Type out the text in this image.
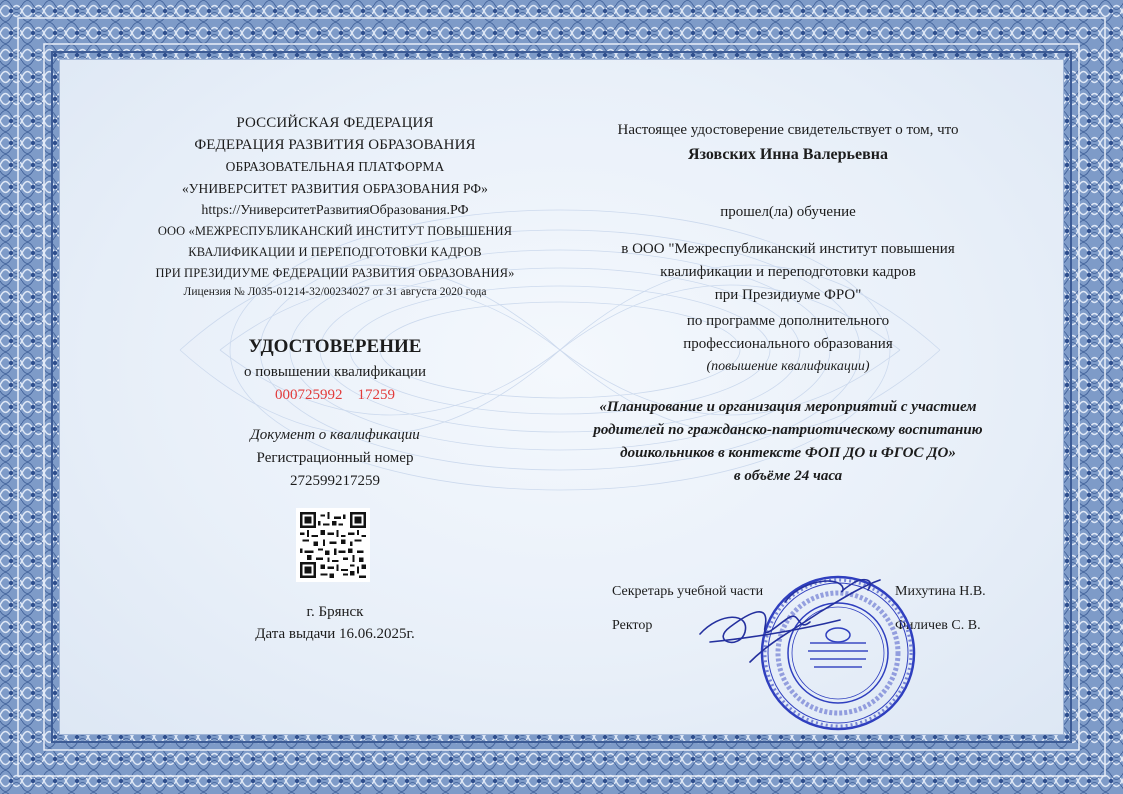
РОССИЙСКАЯ ФЕДЕРАЦИЯ
ФЕДЕРАЦИЯ РАЗВИТИЯ ОБРАЗОВАНИЯ
ОБРАЗОВАТЕЛЬНАЯ ПЛАТФОРМА
«УНИВЕРСИТЕТ РАЗВИТИЯ ОБРАЗОВАНИЯ РФ»
https://УниверситетРазвитияОбразования.РФ
ООО «МЕЖРЕСПУБЛИКАНСКИЙ ИНСТИТУТ ПОВЫШЕНИЯ
КВАЛИФИКАЦИИ И ПЕРЕПОДГОТОВКИ КАДРОВ
ПРИ ПРЕЗИДИУМЕ ФЕДЕРАЦИИ РАЗВИТИЯ ОБРАЗОВАНИЯ»
Лицензия № Л035-01214-32/00234027 от 31 августа 2020 года
УДОСТОВЕРЕНИЕ
о повышении квалификации
000725992    17259
Документ о квалификации
Регистрационный номер
272599217259
г. Брянск
Дата выдачи 16.06.2025г.
Настоящее удостоверение свидетельствует о том, что
Язовских Инна Валерьевна
прошел(ла) обучение
в ООО "Межреспубликанский институт повышения
квалификации и переподготовки кадров
при Президиуме ФРО"
по программе дополнительного
профессионального образования
(повышение квалификации)
«Планирование и организация мероприятий с участием
родителей по гражданско-патриотическому воспитанию
дошкольников в контексте ФОП ДО и ФГОС ДО»
в объёме 24 часа
Секретарь учебной части	Михутина Н.В.
Ректор	Филичев С. В.
